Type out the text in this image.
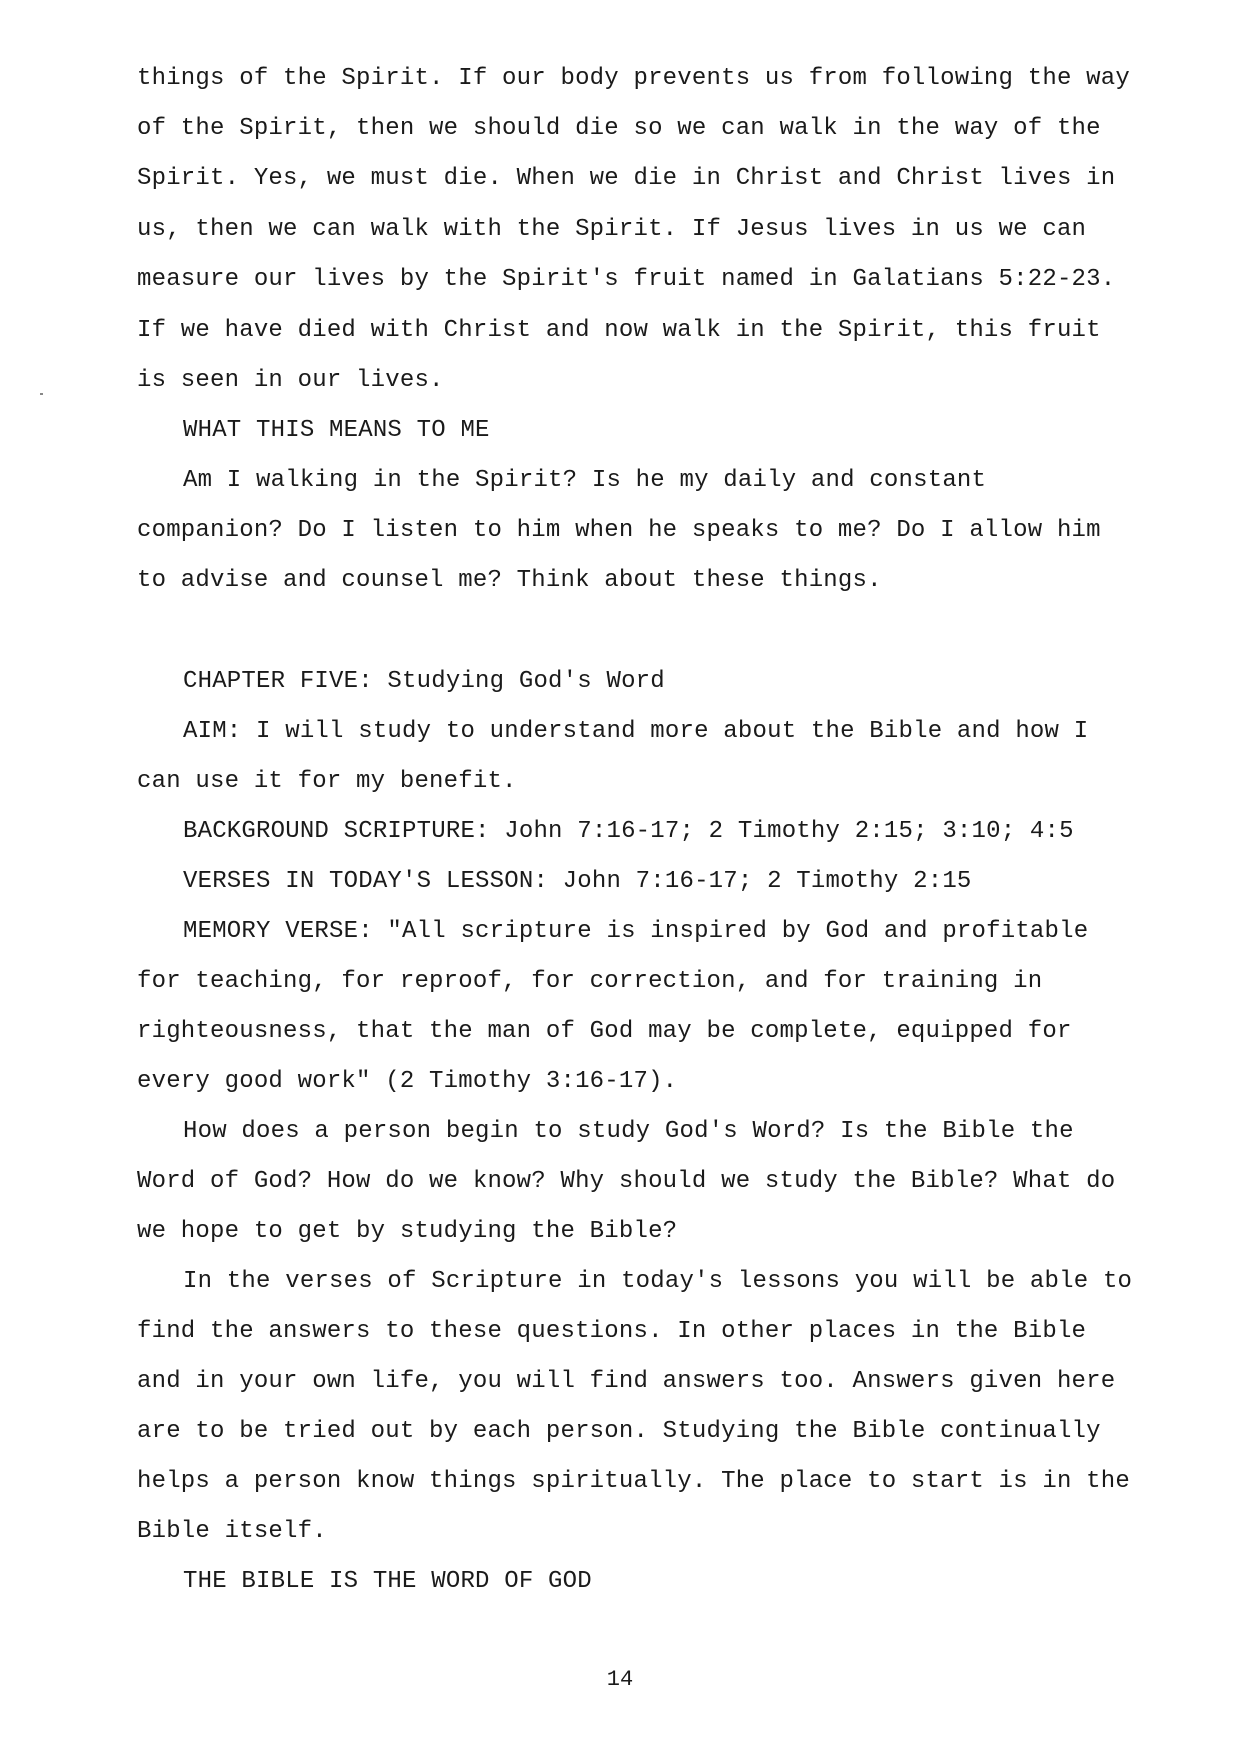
things of the Spirit. If our body prevents us from following the way
of the Spirit, then we should die so we can walk in the way of the
Spirit. Yes, we must die. When we die in Christ and Christ lives in
us, then we can walk with the Spirit. If Jesus lives in us we can
measure our lives by the Spirit's fruit named in Galatians 5:22-23.
If we have died with Christ and now walk in the Spirit, this fruit
is seen in our lives.
WHAT THIS MEANS TO ME
Am I walking in the Spirit? Is he my daily and constant
companion? Do I listen to him when he speaks to me? Do I allow him
to advise and counsel me? Think about these things.
CHAPTER FIVE: Studying God's Word
AIM: I will study to understand more about the Bible and how I
can use it for my benefit.
BACKGROUND SCRIPTURE: John 7:16-17; 2 Timothy 2:15; 3:10; 4:5
VERSES IN TODAY'S LESSON: John 7:16-17; 2 Timothy 2:15
MEMORY VERSE: "All scripture is inspired by God and profitable
for teaching, for reproof, for correction, and for training in
righteousness, that the man of God may be complete, equipped for
every good work" (2 Timothy 3:16-17).
How does a person begin to study God's Word? Is the Bible the
Word of God? How do we know? Why should we study the Bible? What do
we hope to get by studying the Bible?
In the verses of Scripture in today's lessons you will be able to
find the answers to these questions. In other places in the Bible
and in your own life, you will find answers too. Answers given here
are to be tried out by each person. Studying the Bible continually
helps a person know things spiritually. The place to start is in the
Bible itself.
THE BIBLE IS THE WORD OF GOD
14
